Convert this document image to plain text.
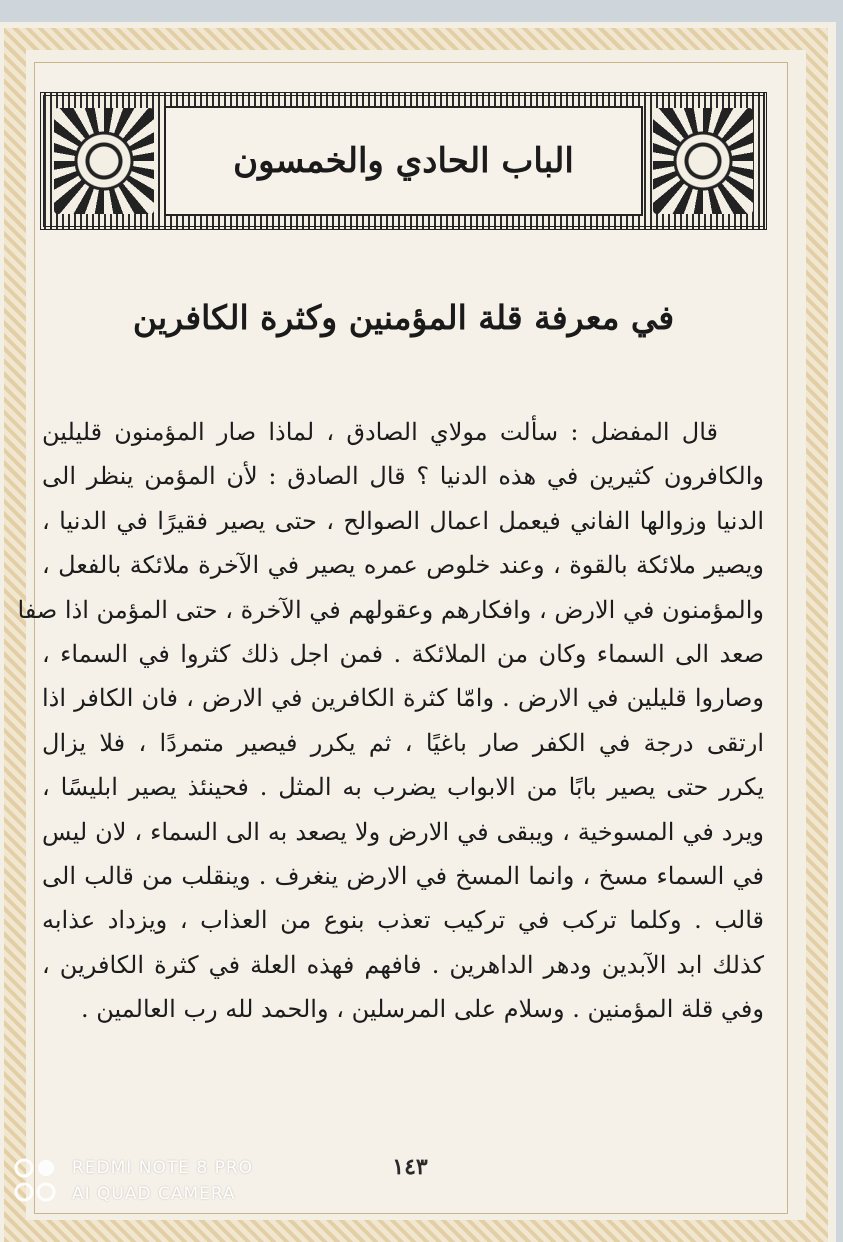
الباب الحادي والخمسون
في معرفة قلة المؤمنين وكثرة الكافرين
قال المفضل : سألت مولاي الصادق ، لماذا صار المؤمنون قليلين
والكافرون كثيرين في هذه الدنيا ؟ قال الصادق : لأن المؤمن ينظر الى
الدنيا وزوالها الفاني فيعمل اعمال الصوالح ، حتى يصير فقيرًا في الدنيا ،
ويصير ملائكة بالقوة ، وعند خلوص عمره يصير في الآخرة ملائكة بالفعل ،
والمؤمنون في الارض ، وافكارهم وعقولهم في الآخرة ، حتى المؤمن اذا صفا
صعد الى السماء وكان من الملائكة . فمن اجل ذلك كثروا في السماء ،
وصاروا قليلين في الارض . وامّا كثرة الكافرين في الارض ، فان الكافر اذا
ارتقى درجة في الكفر صار باغيًا ، ثم يكرر فيصير متمردًا ، فلا يزال
يكرر حتى يصير بابًا من الابواب يضرب به المثل . فحينئذ يصير ابليسًا ،
ويرد في المسوخية ، ويبقى في الارض ولا يصعد به الى السماء ، لان ليس
في السماء مسخ ، وانما المسخ في الارض ينغرف . وينقلب من قالب الى
قالب . وكلما تركب في تركيب تعذب بنوع من العذاب ، ويزداد عذابه
كذلك ابد الآبدين ودهر الداهرين . فافهم فهذه العلة في كثرة الكافرين ،
وفي قلة المؤمنين . وسلام على المرسلين ، والحمد لله رب العالمين .
١٤٣
REDMI NOTE 8 PRO
AI QUAD CAMERA
